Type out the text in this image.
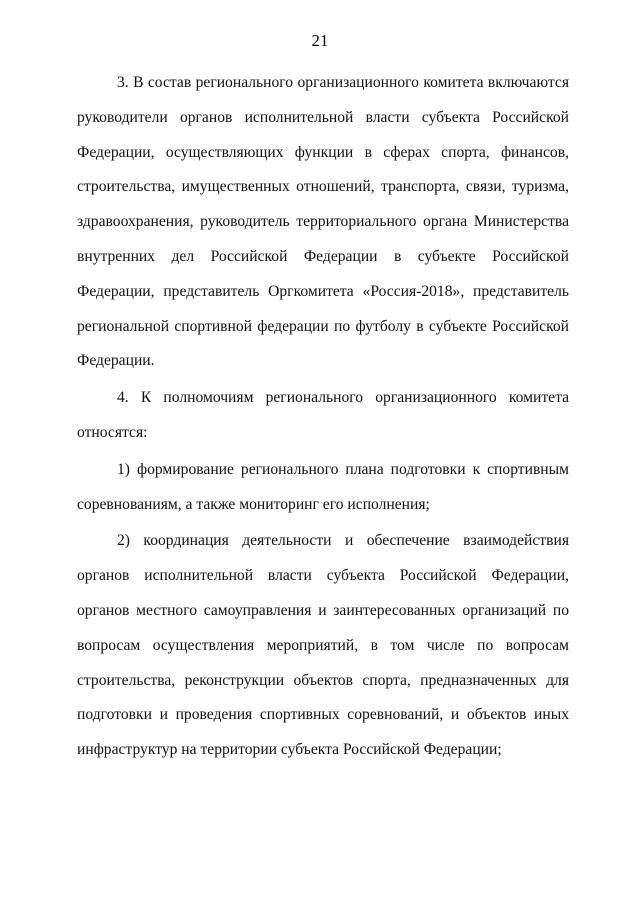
21

3. В состав регионального организационного комитета включаются руководители органов исполнительной власти субъекта Российской Федерации, осуществляющих функции в сферах спорта, финансов, строительства, имущественных отношений, транспорта, связи, туризма, здравоохранения, руководитель территориального органа Министерства внутренних дел Российской Федерации в субъекте Российской Федерации, представитель Оргкомитета «Россия-2018», представитель региональной спортивной федерации по футболу в субъекте Российской Федерации.

4. К полномочиям регионального организационного комитета относятся:

1) формирование регионального плана подготовки к спортивным соревнованиям, а также мониторинг его исполнения;

2) координация деятельности и обеспечение взаимодействия органов исполнительной власти субъекта Российской Федерации, органов местного самоуправления и заинтересованных организаций по вопросам осуществления мероприятий, в том числе по вопросам строительства, реконструкции объектов спорта, предназначенных для подготовки и проведения спортивных соревнований, и объектов иных инфраструктур на территории субъекта Российской Федерации;
